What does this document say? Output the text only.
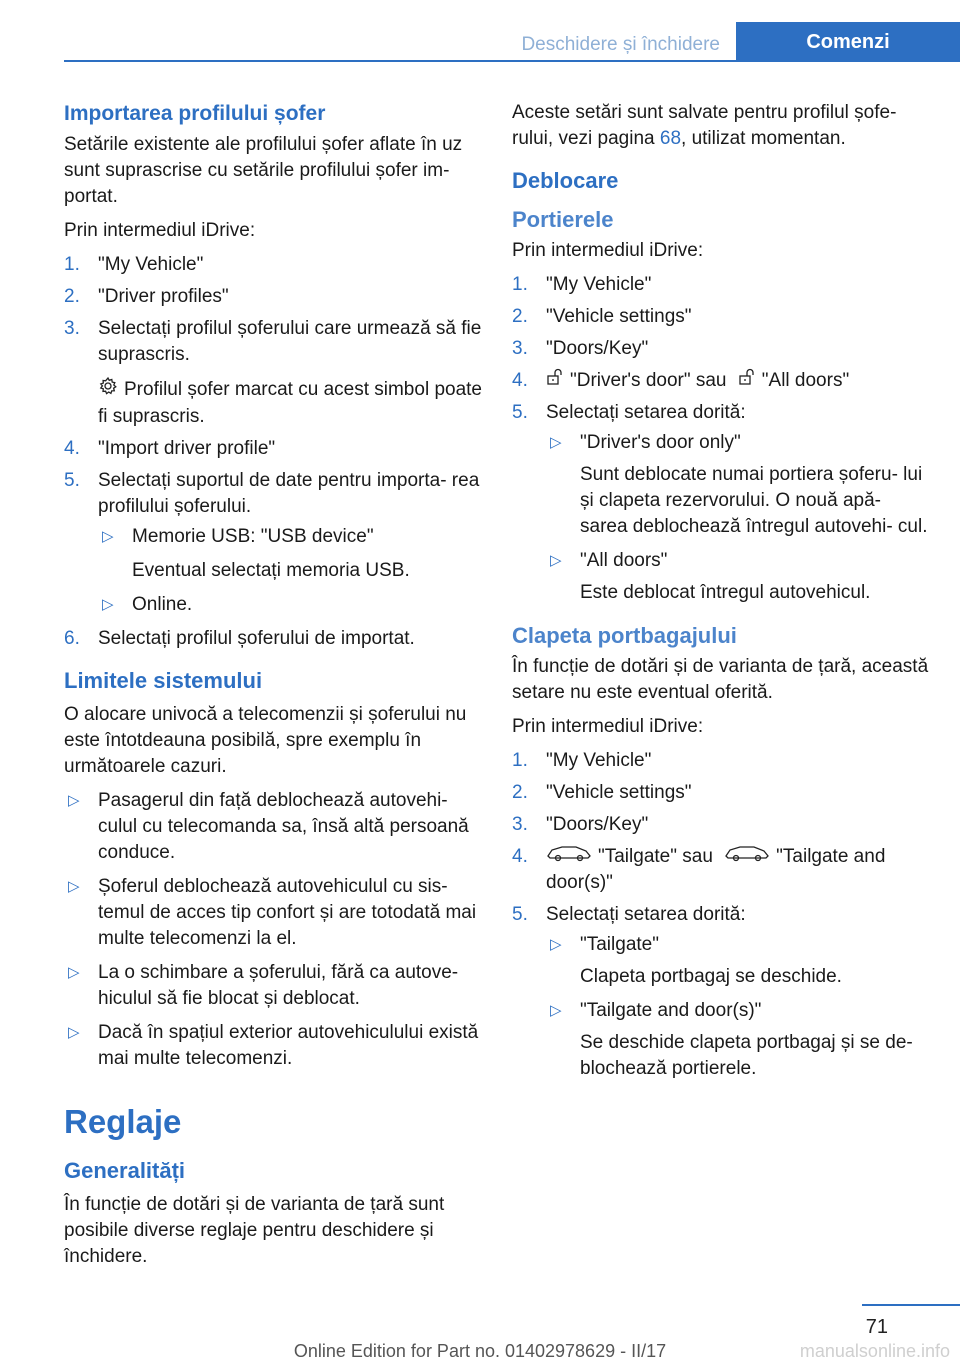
Deschidere și închidere	Comenzi
Importarea profilului șofer

Setările existente ale profilului șofer aflate în uz sunt suprascrise cu setările profilului șofer im‐ portat.

Prin intermediul iDrive:

1. "My Vehicle"
2. "Driver profiles"
3. Selectați profilul șoferului care urmează să fie suprascris.
Profilul șofer marcat cu acest simbol poate fi suprascris.
4. "Import driver profile"
5. Selectați suportul de date pentru importa‐ rea profilului șoferului.
▷ Memorie USB: "USB device"
Eventual selectați memoria USB.
▷ Online.
6. Selectați profilul șoferului de importat.
Limitele sistemului

O alocare univocă a telecomenzii și șoferului nu este întotdeauna posibilă, spre exemplu în următoarele cazuri.

▷ Pasagerul din față deblochează autovehi‐ culul cu telecomanda sa, însă altă persoană conduce.
▷ Șoferul deblochează autovehiculul cu sis‐ temul de acces tip confort și are totodată mai multe telecomenzi la el.
▷ La o schimbare a șoferului, fără ca autove‐ hiculul să fie blocat și deblocat.
▷ Dacă în spațiul exterior autovehiculului există mai multe telecomenzi.
Reglaje
Generalități

În funcție de dotări și de varianta de țară sunt posibile diverse reglaje pentru deschidere și închidere.

Aceste setări sunt salvate pentru profilul șofe‐ rului, vezi pagina 68, utilizat momentan.

Deblocare
Portierele

Prin intermediul iDrive:

1. "My Vehicle"
2. "Vehicle settings"
3. "Doors/Key"
4. "Driver's door" sau "All doors"
5. Selectați setarea dorită:
▷ "Driver's door only"
Sunt deblocate numai portiera șoferu‐ lui și clapeta rezervorului. O nouă apă‐ sarea deblochează întregul autovehi‐ cul.
▷ "All doors"
Este deblocat întregul autovehicul.
Clapeta portbagajului

În funcție de dotări și de varianta de țară, această setare nu este eventual oferită.

Prin intermediul iDrive:

1. "My Vehicle"
2. "Vehicle settings"
3. "Doors/Key"
4.	"Tailgate" sau	"Tailgate and door(s)"
5. Selectați setarea dorită:
▷ "Tailgate"
Clapeta portbagaj se deschide.
▷ "Tailgate and door(s)"
Se deschide clapeta portbagaj și se de‐ blochează portierele.
71
Online Edition for Part no. 01402978629 - II/17	manualsonline.info
